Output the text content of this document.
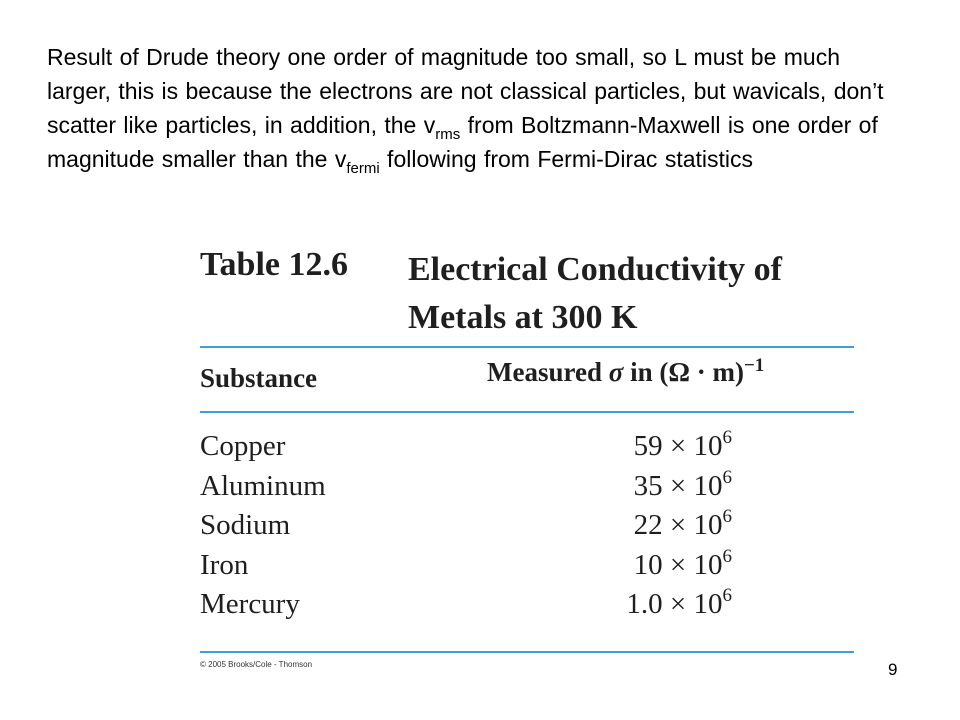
Result of Drude theory one order of magnitude too small, so L must be much larger, this is because the electrons are not classical particles, but wavicals, don’t scatter like particles, in addition, the $v_{rms}$ from Boltzmann-Maxwell is one order of magnitude smaller than the $v_{fermi}$ following from Fermi-Dirac statistics
Table 12.6 Electrical Conductivity of Metals at 300 K
Substance	Measured σ in $(\Omega \cdot m)^{-1}$
Copper	$59 \times 10^6$
Aluminum	$35 \times 10^6$
Sodium	$22 \times 10^6$
Iron	$10 \times 10^6$
Mercury	$1.0 \times 10^6$
© 2005 Brooks/Cole - Thomson	9
